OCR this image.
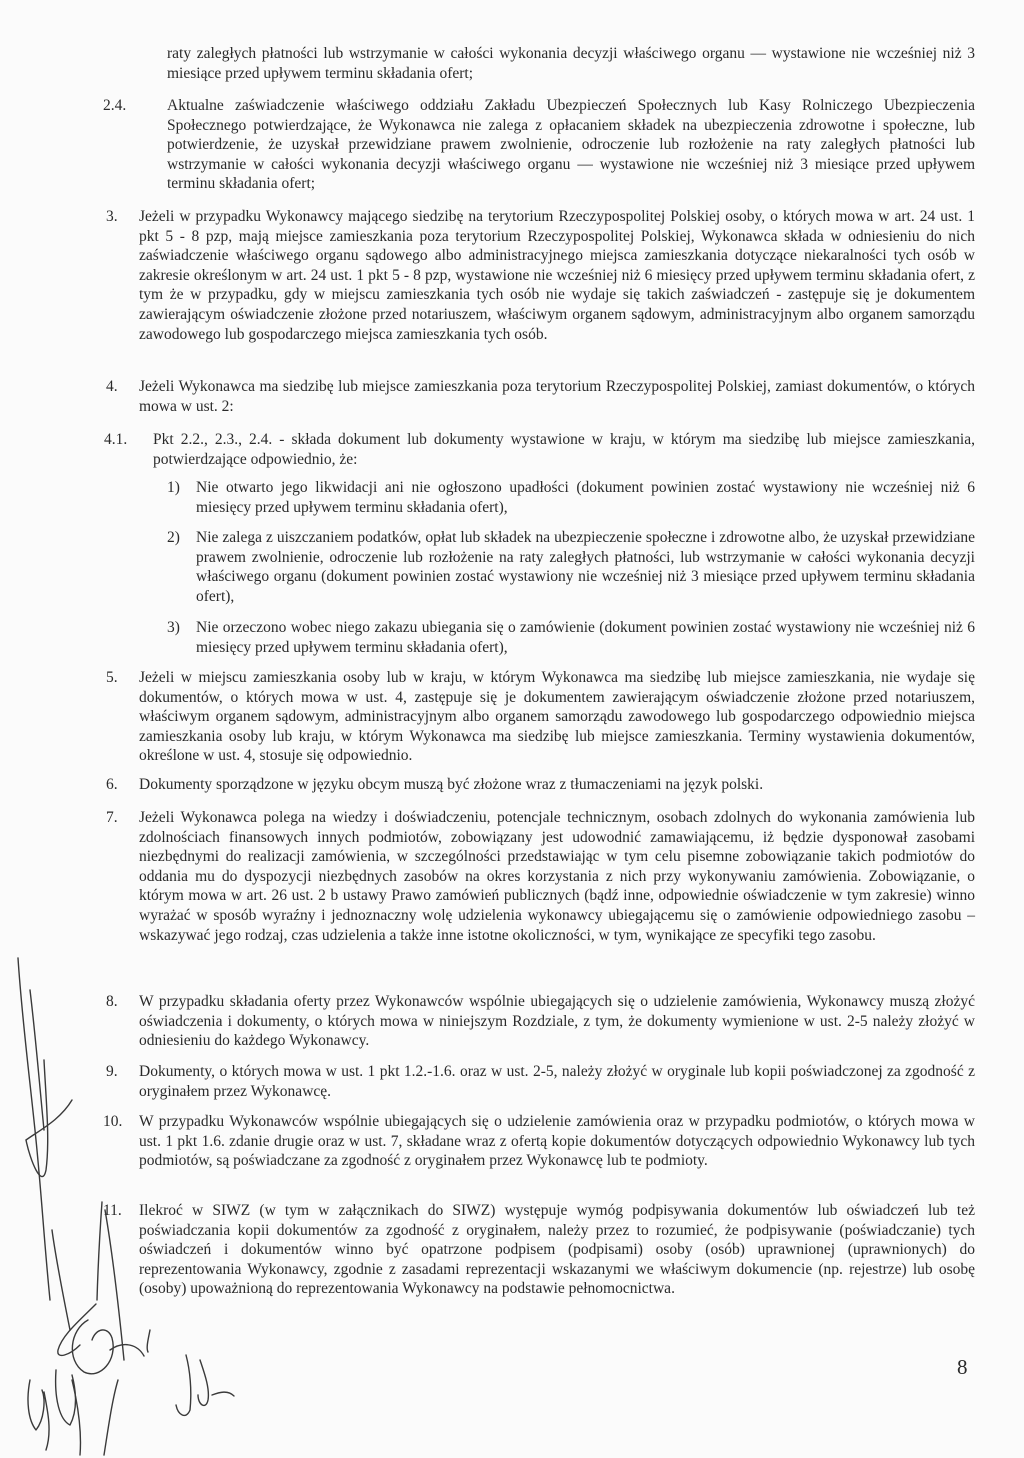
raty zaległych płatności lub wstrzymanie w całości wykonania decyzji właściwego organu — wystawione nie wcześniej niż 3 miesiące przed upływem terminu składania ofert;
2.4.	Aktualne zaświadczenie właściwego oddziału Zakładu Ubezpieczeń Społecznych lub Kasy Rolniczego Ubezpieczenia Społecznego potwierdzające, że Wykonawca nie zalega z opłacaniem składek na ubezpieczenia zdrowotne i społeczne, lub potwierdzenie, że uzyskał przewidziane prawem zwolnienie, odroczenie lub rozłożenie na raty zaległych płatności lub wstrzymanie w całości wykonania decyzji właściwego organu — wystawione nie wcześniej niż 3 miesiące przed upływem terminu składania ofert;
3. Jeżeli w przypadku Wykonawcy mającego siedzibę na terytorium Rzeczypospolitej Polskiej osoby, o których mowa w art. 24 ust. 1 pkt 5 - 8 pzp, mają miejsce zamieszkania poza terytorium Rzeczypospolitej Polskiej, Wykonawca składa w odniesieniu do nich zaświadczenie właściwego organu sądowego albo administracyjnego miejsca zamieszkania dotyczące niekaralności tych osób w zakresie określonym w art. 24 ust. 1 pkt 5 - 8 pzp, wystawione nie wcześniej niż 6 miesięcy przed upływem terminu składania ofert, z tym że w przypadku, gdy w miejscu zamieszkania tych osób nie wydaje się takich zaświadczeń - zastępuje się je dokumentem zawierającym oświadczenie złożone przed notariuszem, właściwym organem sądowym, administracyjnym albo organem samorządu zawodowego lub gospodarczego miejsca zamieszkania tych osób.
4. Jeżeli Wykonawca ma siedzibę lub miejsce zamieszkania poza terytorium Rzeczypospolitej Polskiej, zamiast dokumentów, o których mowa w ust. 2:
4.1. Pkt 2.2., 2.3., 2.4. - składa dokument lub dokumenty wystawione w kraju, w którym ma siedzibę lub miejsce zamieszkania, potwierdzające odpowiednio, że:
1) Nie otwarto jego likwidacji ani nie ogłoszono upadłości (dokument powinien zostać wystawiony nie wcześniej niż 6 miesięcy przed upływem terminu składania ofert),
2) Nie zalega z uiszczaniem podatków, opłat lub składek na ubezpieczenie społeczne i zdrowotne albo, że uzyskał przewidziane prawem zwolnienie, odroczenie lub rozłożenie na raty zaległych płatności, lub wstrzymanie w całości wykonania decyzji właściwego organu (dokument powinien zostać wystawiony nie wcześniej niż 3 miesiące przed upływem terminu składania ofert),
3) Nie orzeczono wobec niego zakazu ubiegania się o zamówienie (dokument powinien zostać wystawiony nie wcześniej niż 6 miesięcy przed upływem terminu składania ofert),
5. Jeżeli w miejscu zamieszkania osoby lub w kraju, w którym Wykonawca ma siedzibę lub miejsce zamieszkania, nie wydaje się dokumentów, o których mowa w ust. 4, zastępuje się je dokumentem zawierającym oświadczenie złożone przed notariuszem, właściwym organem sądowym, administracyjnym albo organem samorządu zawodowego lub gospodarczego odpowiednio miejsca zamieszkania osoby lub kraju, w którym Wykonawca ma siedzibę lub miejsce zamieszkania. Terminy wystawienia dokumentów, określone w ust. 4, stosuje się odpowiednio.
6. Dokumenty sporządzone w języku obcym muszą być złożone wraz z tłumaczeniami na język polski.
7. Jeżeli Wykonawca polega na wiedzy i doświadczeniu, potencjale technicznym, osobach zdolnych do wykonania zamówienia lub zdolnościach finansowych innych podmiotów, zobowiązany jest udowodnić zamawiającemu, iż będzie dysponował zasobami niezbędnymi do realizacji zamówienia, w szczególności przedstawiając w tym celu pisemne zobowiązanie takich podmiotów do oddania mu do dyspozycji niezbędnych zasobów na okres korzystania z nich przy wykonywaniu zamówienia. Zobowiązanie, o którym mowa w art. 26 ust. 2 b ustawy Prawo zamówień publicznych (bądź inne, odpowiednie oświadczenie w tym zakresie) winno wyrażać w sposób wyraźny i jednoznaczny wolę udzielenia wykonawcy ubiegającemu się o zamówienie odpowiedniego zasobu – wskazywać jego rodzaj, czas udzielenia a także inne istotne okoliczności, w tym, wynikające ze specyfiki tego zasobu.
8. W przypadku składania oferty przez Wykonawców wspólnie ubiegających się o udzielenie zamówienia, Wykonawcy muszą złożyć oświadczenia i dokumenty, o których mowa w niniejszym Rozdziale, z tym, że dokumenty wymienione w ust. 2-5 należy złożyć w odniesieniu do każdego Wykonawcy.
9. Dokumenty, o których mowa w ust. 1 pkt 1.2.-1.6. oraz w ust. 2-5, należy złożyć w oryginale lub kopii poświadczonej za zgodność z oryginałem przez Wykonawcę.
10. W przypadku Wykonawców wspólnie ubiegających się o udzielenie zamówienia oraz w przypadku podmiotów, o których mowa w ust. 1 pkt 1.6. zdanie drugie oraz w ust. 7, składane wraz z ofertą kopie dokumentów dotyczących odpowiednio Wykonawcy lub tych podmiotów, są poświadczane za zgodność z oryginałem przez Wykonawcę lub te podmioty.
11. Ilekroć w SIWZ (w tym w załącznikach do SIWZ) występuje wymóg podpisywania dokumentów lub oświadczeń lub też poświadczania kopii dokumentów za zgodność z oryginałem, należy przez to rozumieć, że podpisywanie (poświadczanie) tych oświadczeń i dokumentów winno być opatrzone podpisem (podpisami) osoby (osób) uprawnionej (uprawnionych) do reprezentowania Wykonawcy, zgodnie z zasadami reprezentacji wskazanymi we właściwym dokumencie (np. rejestrze) lub osobę (osoby) upoważnioną do reprezentowania Wykonawcy na podstawie pełnomocnictwa.
8
